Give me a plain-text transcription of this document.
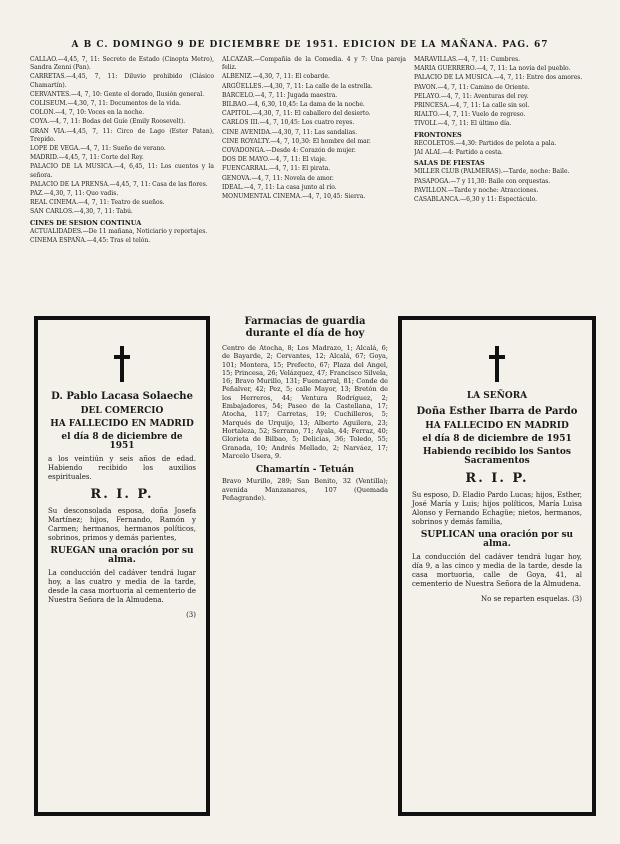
A B C. DOMINGO 9 DE DICIEMBRE DE 1951. EDICION DE LA MAÑANA. PAG. 67

CALLAO.—4,45, 7, 11: Secreto de Estado (Cinopta Metro), Sandra Zenni (Pan).

CARRETAS.—4,45, 7, 11: Diluvio prohibido (Clásico Chamartín).

CERVANTES.—4, 7, 10: Gente el dorado, Ilusión general.

COLISEUM.—4,30, 7, 11: Documentos de la vida.

COLON.—4, 7, 10: Voces en la noche.

COYA.—4, 7, 11: Bodas del Guíe (Emily Roosevelt).

GRAN VIA.—4,45, 7, 11: Circo de Lago (Ester Patan), Trepido.

LOPE DE VEGA.—4, 7, 11: Sueño de verano.

MADRID.—4,45, 7, 11: Corte del Rey.

PALACIO DE LA MUSICA.—4, 6,45, 11: Los cuentos y la señora.

PALACIO DE LA PRENSA.—4,45, 7, 11: Casa de las flores.

PAZ.—4,30, 7, 11: Quo vadis.

REAL CINEMA.—4, 7, 11: Teatro de sueños.

SAN CARLOS.—4,30, 7, 11: Tabú.

CINES DE SESION CONTINUA

ACTUALIDADES.—De 11 mañana, Noticiario y reportajes.

CINEMA ESPAÑA.—4,45: Tras el telón.

ALCAZAR.—Compañía de la Comedia. 4 y 7: Una pareja feliz.

ALBENIZ.—4,30, 7, 11: El cobarde.

ARGÜELLES.—4,30, 7, 11: La calle de la estrella.

BARCELO.—4, 7, 11: Jugada maestra.

BILBAO.—4, 6,30, 10,45: La dama de la noche.

CAPITOL.—4,30, 7, 11: El caballero del desierto.

CARLOS III.—4, 7, 10,45: Los cuatro reyes.

CINE AVENIDA.—4,30, 7, 11: Las sandalias.

CINE ROYALTY.—4, 7, 10,30: El hombre del mar.

COVADONGA.—Desde 4: Corazón de mujer.

DOS DE MAYO.—4, 7, 11: El viaje.

FUENCARRAL.—4, 7, 11: El pirata.

GENOVA.—4, 7, 11: Novela de amor.

IDEAL.—4, 7, 11: La casa junto al río.

MONUMENTAL CINEMA.—4, 7, 10,45: Sierra.

MARAVILLAS.—4, 7, 11: Cumbres.

MARIA GUERRERO.—4, 7, 11: La novia del pueblo.

PALACIO DE LA MUSICA.—4, 7, 11: Entre dos amores.

PAVON.—4, 7, 11: Camino de Oriente.

PELAYO.—4, 7, 11: Aventuras del rey.

PRINCESA.—4, 7, 11: La calle sin sol.

RIALTO.—4, 7, 11: Vuelo de regreso.

TIVOLI.—4, 7, 11: El último día.

FRONTONES

RECOLETOS.—4,30: Partidos de pelota a pala.

JAI ALAI.—4: Partido a cesta.

SALAS DE FIESTAS

MILLER CLUB (PALMERAS).—Tarde, noche: Baile.

PASAPOGA.—7 y 11,30: Baile con orquestas.

PAVILLON.—Tarde y noche: Atracciones.

CASABLANCA.—6,30 y 11: Espectáculo.

D. Pablo Lacasa Solaeche
DEL COMERCIO
HA FALLECIDO EN MADRID
el día 8 de diciembre de 1951
a los veintiún y seis años de edad. Habiendo recibido los auxilios espirituales.
R. I. P.
Su desconsolada esposa, doña Josefa Martínez; hijos, Fernando, Ramón y Carmen; hermanos, hermanos políticos, sobrinos, primos y demás parientes,
RUEGAN una oración por su alma.
La conducción del cadáver tendrá lugar hoy, a las cuatro y media de la tarde, desde la casa mortuoria al cementerio de Nuestra Señora de la Almudena.
(3)
Farmacias de guardia durante el día de hoy
Centro de Atocha, 8; Los Madrazo, 1; Alcalá, 6; de Bayarde, 2; Cervantes, 12; Alcalá, 67; Goya, 101; Montera, 15; Prefecto, 67; Plaza del Angel, 15; Princesa, 26; Velázquez, 47; Francisco Silvela, 16; Bravo Murillo, 131; Fuencarral, 81; Conde de Peñalver, 42; Pez, 5; calle Mayor, 13; Bretón de los Herreros, 44; Ventura Rodríguez, 2; Embajadores, 54; Paseo de la Castellana, 17; Atocha, 117; Carretas, 19; Cuchilleros, 5; Marqués de Urquijo, 13; Alberto Aguilera, 23; Hortaleza, 52; Serrano, 71; Ayala, 44; Ferraz, 40; Glorieta de Bilbao, 5; Delicias, 36; Toledo, 55; Granada, 10; Andrés Mellado, 2; Narváez, 17; Marcelo Usera, 9.
Chamartín - Tetuán
Bravo Murillo, 289; San Benito, 32 (Ventilla); avenida Manzanares, 107 (Quemada Peñagrande).
LA SEÑORA
Doña Esther Ibarra de Pardo
HA FALLECIDO EN MADRID
el día 8 de diciembre de 1951
Habiendo recibido los Santos Sacramentos
R. I. P.
Su esposo, D. Eladio Pardo Lucas; hijos, Esther, José María y Luis; hijos políticos, María Luisa Alonso y Fernando Echagüe; nietos, hermanos, sobrinos y demás familia,
SUPLICAN una oración por su alma.
La conducción del cadáver tendrá lugar hoy, día 9, a las cinco y media de la tarde, desde la casa mortuoria, calle de Goya, 41, al cementerio de Nuestra Señora de la Almudena.
No se reparten esquelas. (3)
